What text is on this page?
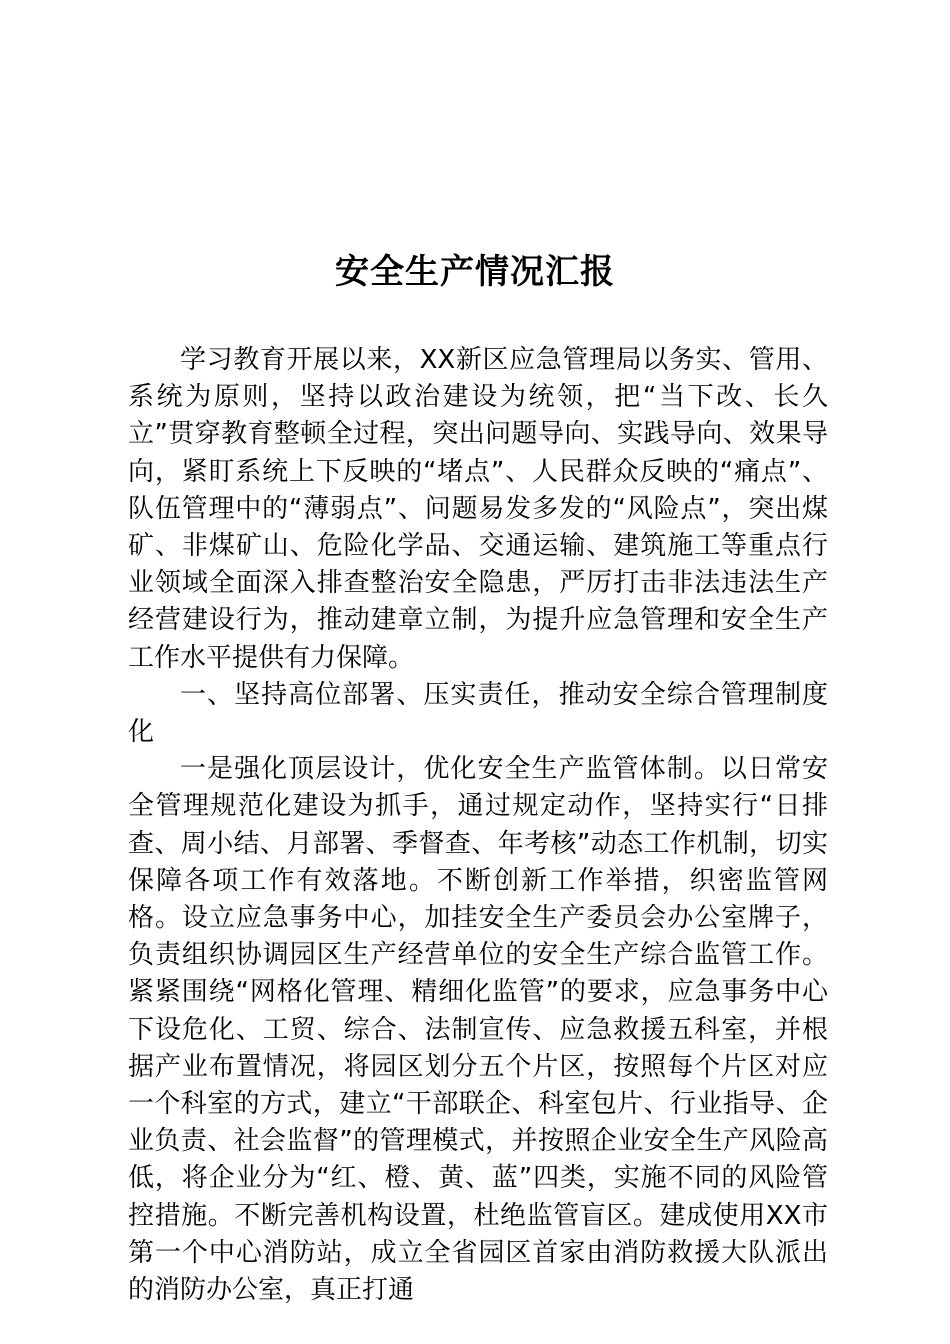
安全生产情况汇报

学习教育开展以来，XX新区应急管理局以务实、管用、系统为原则，坚持以政治建设为统领，把“当下改、长久立”贯穿教育整顿全过程，突出问题导向、实践导向、效果导向，紧盯系统上下反映的“堵点”、人民群众反映的“痛点”、队伍管理中的“薄弱点”、问题易发多发的“风险点”，突出煤矿、非煤矿山、危险化学品、交通运输、建筑施工等重点行业领域全面深入排查整治安全隐患，严厉打击非法违法生产经营建设行为，推动建章立制，为提升应急管理和安全生产工作水平提供有力保障。

一、坚持高位部署、压实责任，推动安全综合管理制度化

一是强化顶层设计，优化安全生产监管体制。以日常安全管理规范化建设为抓手，通过规定动作，坚持实行“日排查、周小结、月部署、季督查、年考核”动态工作机制，切实保障各项工作有效落地。不断创新工作举措，织密监管网格。设立应急事务中心，加挂安全生产委员会办公室牌子，负责组织协调园区生产经营单位的安全生产综合监管工作。紧紧围绕“网格化管理、精细化监管”的要求，应急事务中心下设危化、工贸、综合、法制宣传、应急救援五科室，并根据产业布置情况，将园区划分五个片区，按照每个片区对应一个科室的方式，建立“干部联企、科室包片、行业指导、企业负责、社会监督”的管理模式，并按照企业安全生产风险高低，将企业分为“红、橙、黄、蓝”四类，实施不同的风险管控措施。不断完善机构设置，杜绝监管盲区。建成使用XX市第一个中心消防站，成立全省园区首家由消防救援大队派出的消防办公室，真正打通
